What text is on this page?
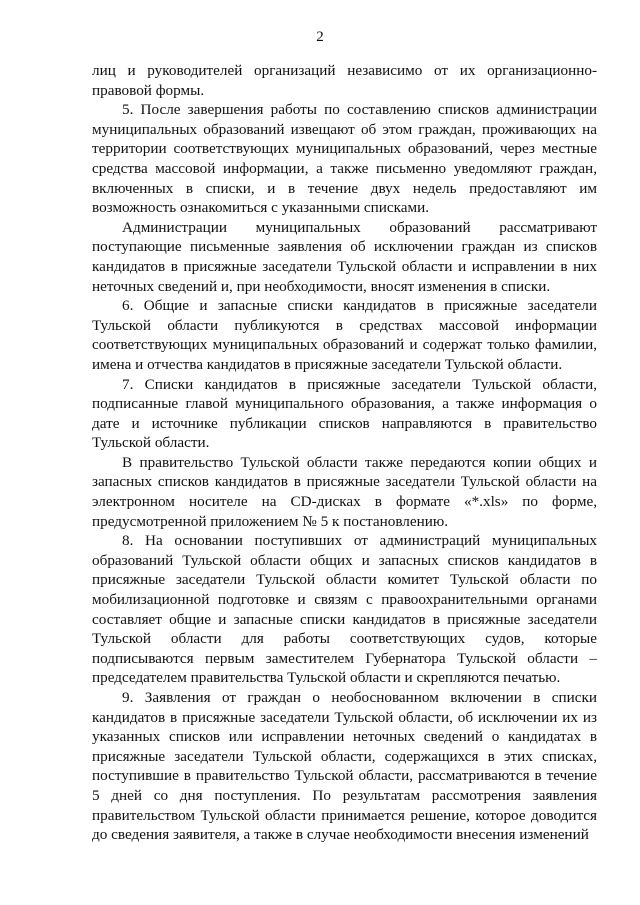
2

лиц и руководителей организаций независимо от их организационно-правовой формы.

5. После завершения работы по составлению списков администрации муниципальных образований извещают об этом граждан, проживающих на территории соответствующих муниципальных образований, через местные средства массовой информации, а также письменно уведомляют граждан, включенных в списки, и в течение двух недель предоставляют им возможность ознакомиться с указанными списками.

Администрации муниципальных образований рассматривают поступающие письменные заявления об исключении граждан из списков кандидатов в присяжные заседатели Тульской области и исправлении в них неточных сведений и, при необходимости, вносят изменения в списки.

6. Общие и запасные списки кандидатов в присяжные заседатели Тульской области публикуются в средствах массовой информации соответствующих муниципальных образований и содержат только фамилии, имена и отчества кандидатов в присяжные заседатели Тульской области.

7. Списки кандидатов в присяжные заседатели Тульской области, подписанные главой муниципального образования, а также информация о дате и источнике публикации списков направляются в правительство Тульской области.

В правительство Тульской области также передаются копии общих и запасных списков кандидатов в присяжные заседатели Тульской области на электронном носителе на CD-дисках в формате «*.xls» по форме, предусмотренной приложением № 5 к постановлению.

8. На основании поступивших от администраций муниципальных образований Тульской области общих и запасных списков кандидатов в присяжные заседатели Тульской области комитет Тульской области по мобилизационной подготовке и связям с правоохранительными органами составляет общие и запасные списки кандидатов в присяжные заседатели Тульской области для работы соответствующих судов, которые подписываются первым заместителем Губернатора Тульской области – председателем правительства Тульской области и скрепляются печатью.

9. Заявления от граждан о необоснованном включении в списки кандидатов в присяжные заседатели Тульской области, об исключении их из указанных списков или исправлении неточных сведений о кандидатах в присяжные заседатели Тульской области, содержащихся в этих списках, поступившие в правительство Тульской области, рассматриваются в течение 5 дней со дня поступления. По результатам рассмотрения заявления правительством Тульской области принимается решение, которое доводится до сведения заявителя, а также в случае необходимости внесения изменений
